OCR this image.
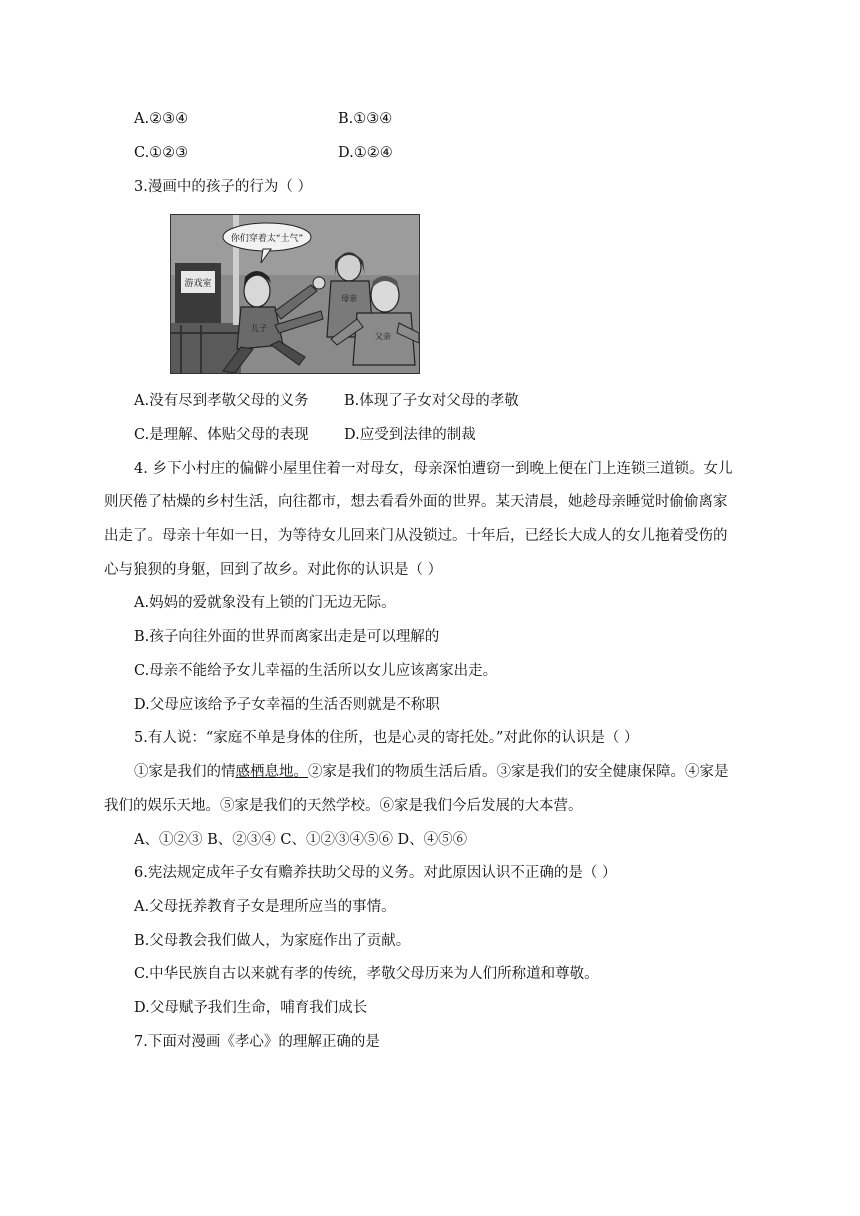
A.②③④	B.①③④
C.①②③	D.①②④
3.漫画中的孩子的行为（ ）
你们穿着太“土气”
游戏室
儿子
母亲
父亲
A.没有尽到孝敬父母的义务 B.体现了子女对父母的孝敬
C.是理解、体贴父母的表现 D.应受到法律的制裁
4. 乡下小村庄的偏僻小屋里住着一对母女，母亲深怕遭窃一到晚上便在门上连锁三道锁。女儿
则厌倦了枯燥的乡村生活，向往都市，想去看看外面的世界。某天清晨，她趁母亲睡觉时偷偷离家
出走了。母亲十年如一日，为等待女儿回来门从没锁过。十年后，已经长大成人的女儿拖着受伤的
心与狼狈的身躯，回到了故乡。对此你的认识是（ ）
A.妈妈的爱就象没有上锁的门无边无际。
B.孩子向往外面的世界而离家出走是可以理解的
C.母亲不能给予女儿幸福的生活所以女儿应该离家出走。
D.父母应该给予子女幸福的生活否则就是不称职
5.有人说：“家庭不单是身体的住所，也是心灵的寄托处。”对此你的认识是（ ）
①家是我们的情感栖息地。②家是我们的物质生活后盾。③家是我们的安全健康保障。④家是
我们的娱乐天地。⑤家是我们的天然学校。⑥家是我们今后发展的大本营。
A、①②③ B、②③④ C、①②③④⑤⑥ D、④⑤⑥
6.宪法规定成年子女有赡养扶助父母的义务。对此原因认识不正确的是（ ）
A.父母抚养教育子女是理所应当的事情。
B.父母教会我们做人，为家庭作出了贡献。
C.中华民族自古以来就有孝的传统，孝敬父母历来为人们所称道和尊敬。
D.父母赋予我们生命，哺育我们成长
7.下面对漫画《孝心》的理解正确的是
